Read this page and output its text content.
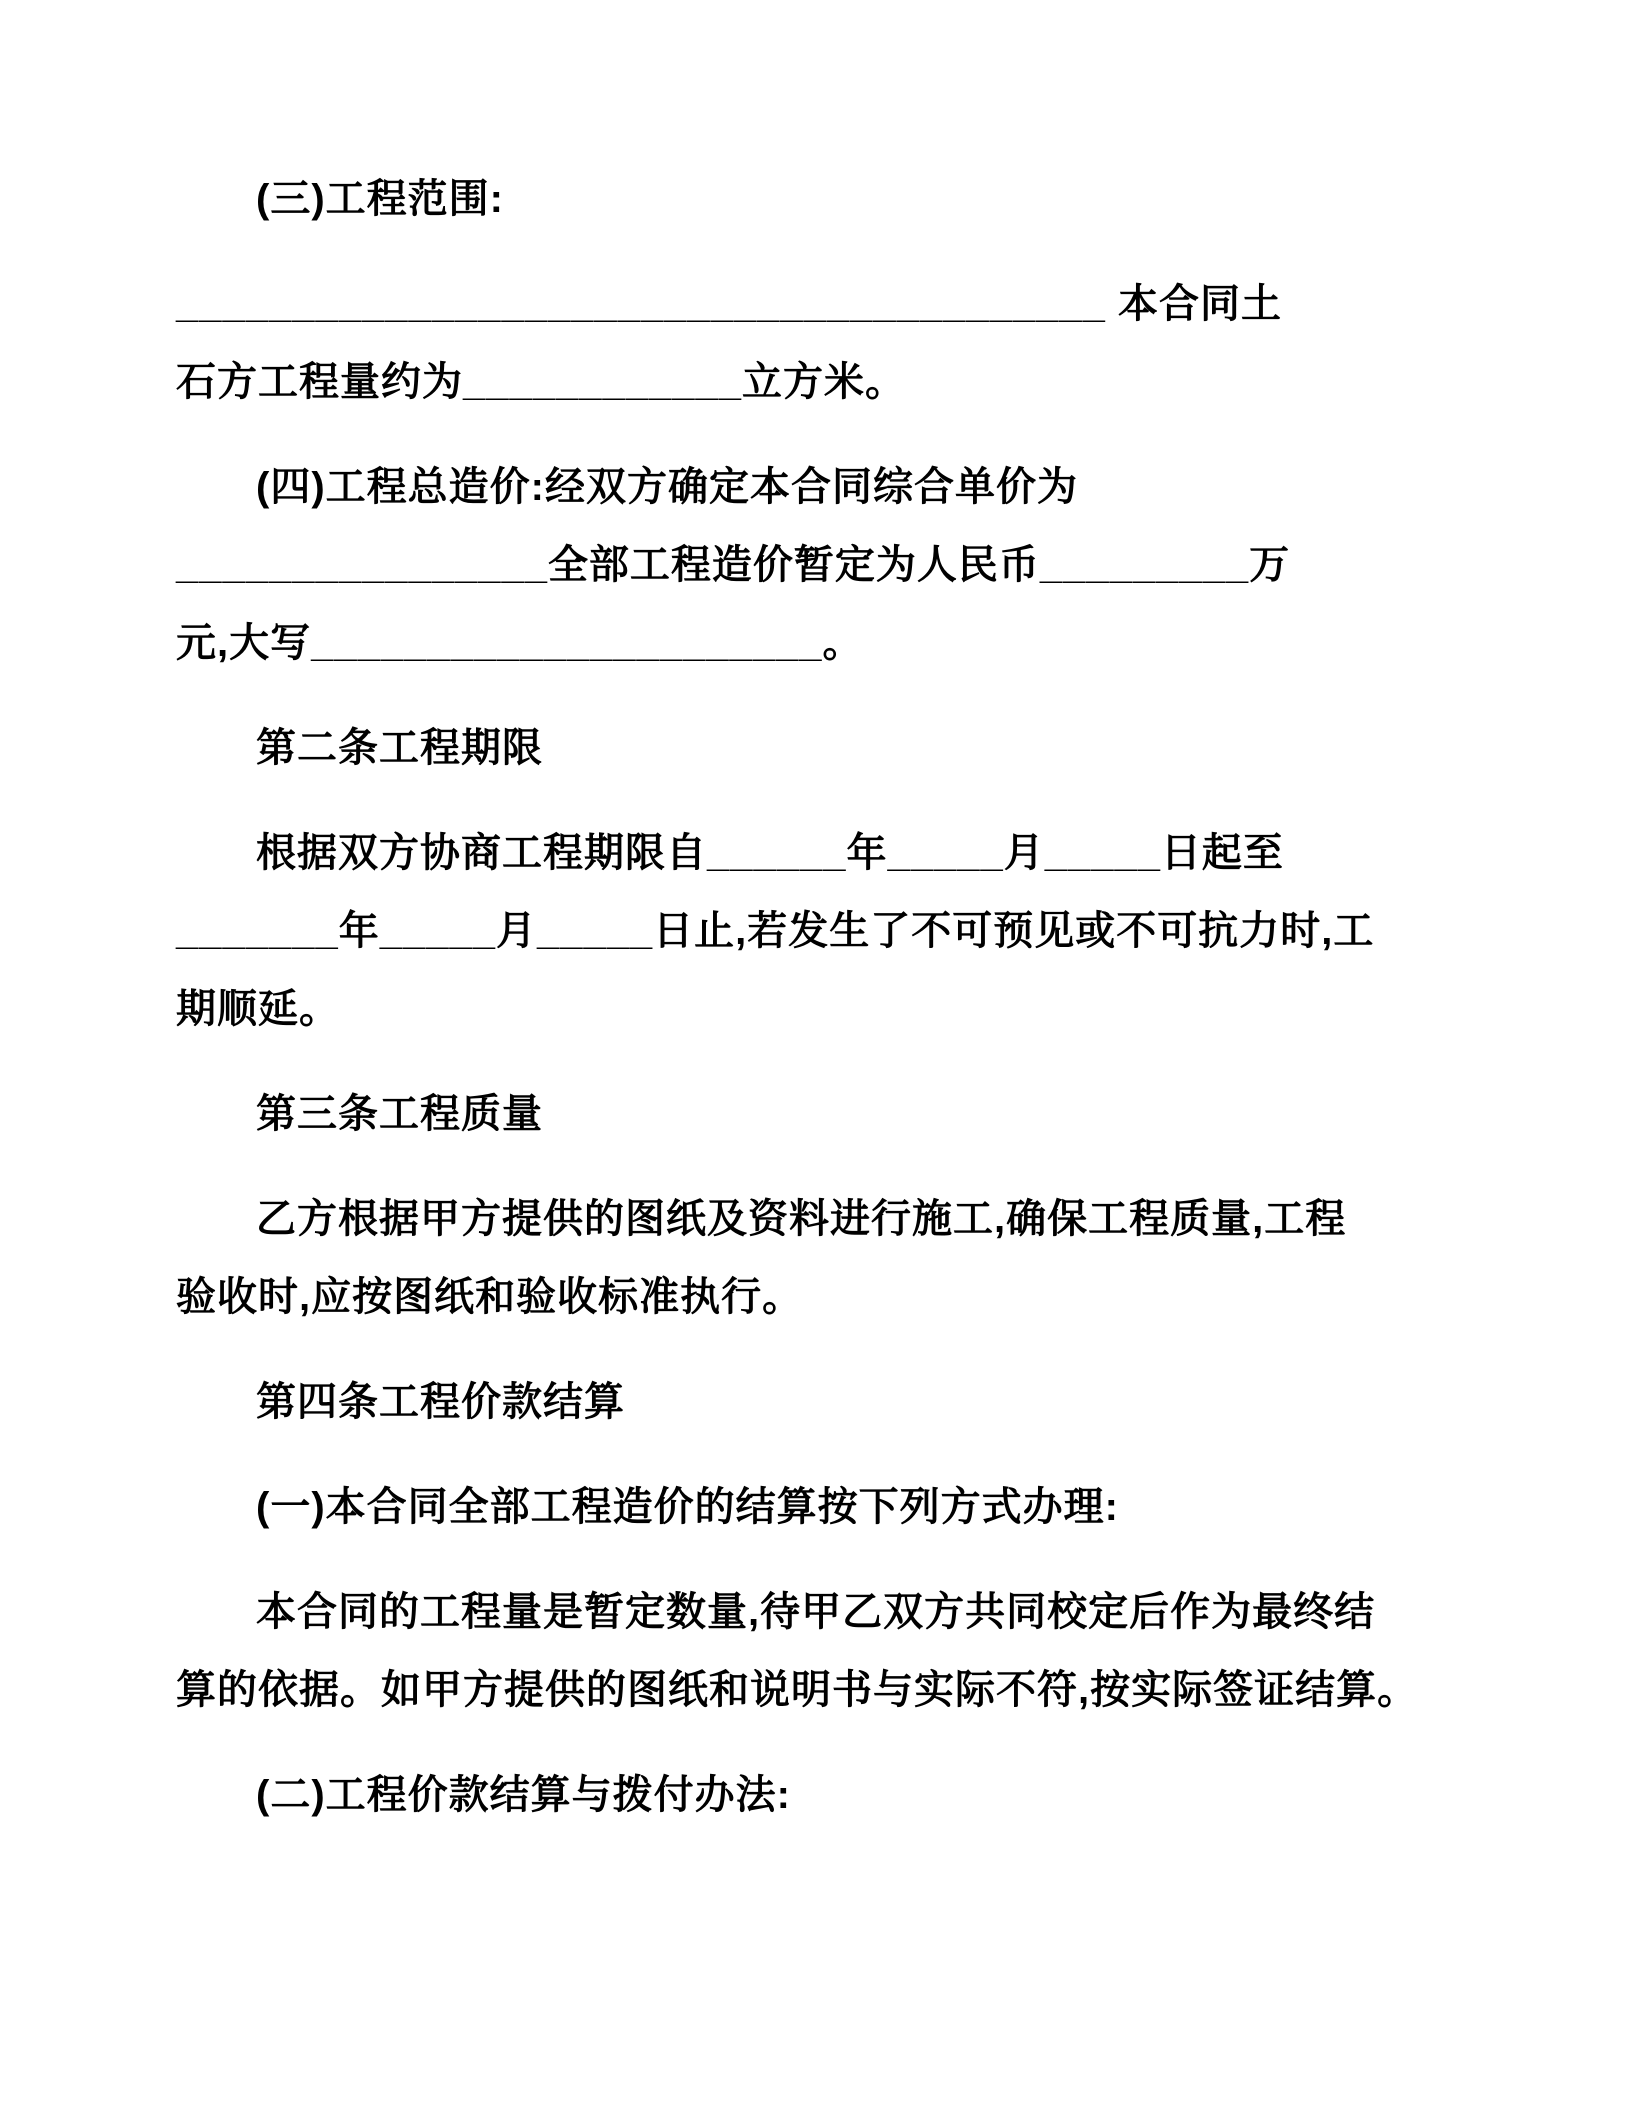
(三)工程范围:

________________________________________ 本合同土

石方工程量约为____________立方米。

(四)工程总造价:经双方确定本合同综合单价为

________________全部工程造价暂定为人民币_________万

元,大写______________________。

第二条工程期限

根据双方协商工程期限自______年_____月_____日起至

_______年_____月_____日止,若发生了不可预见或不可抗力时,工

期顺延。

第三条工程质量

乙方根据甲方提供的图纸及资料进行施工,确保工程质量,工程

验收时,应按图纸和验收标准执行。

第四条工程价款结算

(一)本合同全部工程造价的结算按下列方式办理:

本合同的工程量是暂定数量,待甲乙双方共同校定后作为最终结

算的依据。如甲方提供的图纸和说明书与实际不符,按实际签证结算。

(二)工程价款结算与拨付办法:
